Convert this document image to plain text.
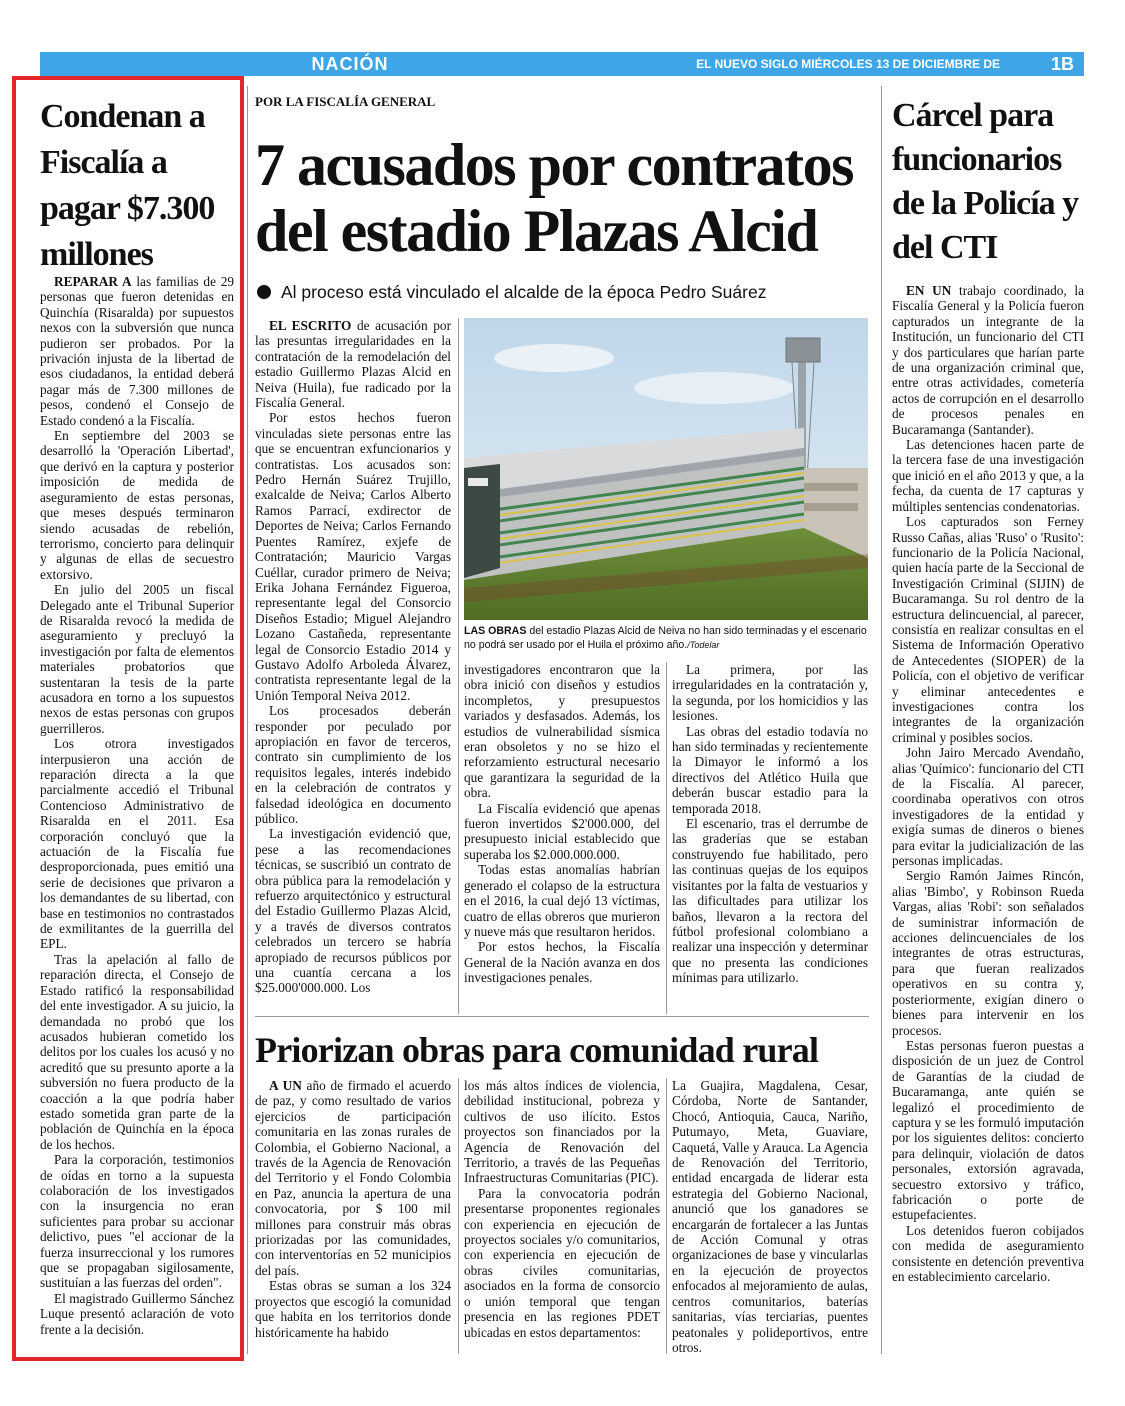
NACIÓN	EL NUEVO SIGLO MIÉRCOLES 13 DE DICIEMBRE DE 2017
1B
Condenan a Fiscalía a pagar $7.300 millones

REPARAR A las familias de 29 personas que fueron detenidas en Quinchía (Risaralda) por supuestos nexos con la subversión que nunca pudieron ser probados. Por la privación injusta de la libertad de esos ciudadanos, la entidad deberá pagar más de 7.300 millones de pesos, condenó el Consejo de Estado condenó a la Fiscalía.

En septiembre del 2003 se desarrolló la 'Operación Libertad', que derivó en la captura y posterior imposición de medida de aseguramiento de estas personas, que meses después terminaron siendo acusadas de rebelión, terrorismo, concierto para delinquir y algunas de ellas de secuestro extorsivo.

En julio del 2005 un fiscal Delegado ante el Tribunal Superior de Risaralda revocó la medida de aseguramiento y precluyó la investigación por falta de elementos materiales probatorios que sustentaran la tesis de la parte acusadora en torno a los supuestos nexos de estas personas con grupos guerrilleros.

Los otrora investigados interpusieron una acción de reparación directa a la que parcialmente accedió el Tribunal Contencioso Administrativo de Risaralda en el 2011. Esa corporación concluyó que la actuación de la Fiscalía fue desproporcionada, pues emitió una serie de decisiones que privaron a los demandantes de su libertad, con base en testimonios no contrastados de exmilitantes de la guerrilla del EPL.

Tras la apelación al fallo de reparación directa, el Consejo de Estado ratificó la responsabilidad del ente investigador. A su juicio, la demandada no probó que los acusados hubieran cometido los delitos por los cuales los acusó y no acreditó que su presunto aporte a la subversión no fuera producto de la coacción a la que podría haber estado sometida gran parte de la población de Quinchía en la época de los hechos.

Para la corporación, testimonios de oídas en torno a la supuesta colaboración de los investigados con la insurgencia no eran suficientes para probar su accionar delictivo, pues "el accionar de la fuerza insurreccional y los rumores que se propagaban sigilosamente, sustituían a las fuerzas del orden".

El magistrado Guillermo Sánchez Luque presentó aclaración de voto frente a la decisión.

POR LA FISCALÍA GENERAL
7 acusados por contratos del estadio Plazas Alcid
Al proceso está vinculado el alcalde de la época Pedro Suárez

EL ESCRITO de acusación por las presuntas irregularidades en la contratación de la remodelación del estadio Guillermo Plazas Alcid en Neiva (Huila), fue radicado por la Fiscalía General.

Por estos hechos fueron vinculadas siete personas entre las que se encuentran exfuncionarios y contratistas. Los acusados son: Pedro Hernán Suárez Trujillo, exalcalde de Neiva; Carlos Alberto Ramos Parrací, exdirector de Deportes de Neiva; Carlos Fernando Puentes Ramírez, exjefe de Contratación; Mauricio Vargas Cuéllar, curador primero de Neiva; Erika Johana Fernández Figueroa, representante legal del Consorcio Diseños Estadio; Miguel Alejandro Lozano Castañeda, representante legal de Consorcio Estadio 2014 y Gustavo Adolfo Arboleda Álvarez, contratista representante legal de la Unión Temporal Neiva 2012.

Los procesados deberán responder por peculado por apropiación en favor de terceros, contrato sin cumplimiento de los requisitos legales, interés indebido en la celebración de contratos y falsedad ideológica en documento público.

La investigación evidenció que, pese a las recomendaciones técnicas, se suscribió un contrato de obra pública para la remodelación y refuerzo arquitectónico y estructural del Estadio Guillermo Plazas Alcid, y a través de diversos contratos celebrados un tercero se habría apropiado de recursos públicos por una cuantía cercana a los $25.000'000.000. Los

LAS OBRAS del estadio Plazas Alcid de Neiva no han sido terminadas y el escenario no podrá ser usado por el Huila el próximo año./Todelar

investigadores encontraron que la obra inició con diseños y estudios incompletos, y presupuestos variados y desfasados. Además, los estudios de vulnerabilidad sísmica eran obsoletos y no se hizo el reforzamiento estructural necesario que garantizara la seguridad de la obra.

La Fiscalía evidenció que apenas fueron invertidos $2'000.000, del presupuesto inicial establecido que superaba los $2.000.000.000.

Todas estas anomalías habrían generado el colapso de la estructura en el 2016, la cual dejó 13 víctimas, cuatro de ellas obreros que murieron y nueve más que resultaron heridos.

Por estos hechos, la Fiscalía General de la Nación avanza en dos investigaciones penales.

La primera, por las irregularidades en la contratación y, la segunda, por los homicidios y las lesiones.

Las obras del estadio todavía no han sido terminadas y recientemente la Dimayor le informó a los directivos del Atlético Huila que deberán buscar estadio para la temporada 2018.

El escenario, tras el derrumbe de las graderías que se estaban construyendo fue habilitado, pero las continuas quejas de los equipos visitantes por la falta de vestuarios y las dificultades para utilizar los baños, llevaron a la rectora del fútbol profesional colombiano a realizar una inspección y determinar que no presenta las condiciones mínimas para utilizarlo.

Priorizan obras para comunidad rural

A UN año de firmado el acuerdo de paz, y como resultado de varios ejercicios de participación comunitaria en las zonas rurales de Colombia, el Gobierno Nacional, a través de la Agencia de Renovación del Territorio y el Fondo Colombia en Paz, anuncia la apertura de una convocatoria, por $ 100 mil millones para construir más obras priorizadas por las comunidades, con interventorías en 52 municipios del país.

Estas obras se suman a los 324 proyectos que escogió la comunidad que habita en los territorios donde históricamente ha habido

los más altos índices de violencia, debilidad institucional, pobreza y cultivos de uso ilícito. Estos proyectos son financiados por la Agencia de Renovación del Territorio, a través de las Pequeñas Infraestructuras Comunitarias (PIC).

Para la convocatoria podrán presentarse proponentes regionales con experiencia en ejecución de proyectos sociales y/o comunitarios, con experiencia en ejecución de obras civiles comunitarias, asociados en la forma de consorcio o unión temporal que tengan presencia en las regiones PDET ubicadas en estos departamentos:

La Guajira, Magdalena, Cesar, Córdoba, Norte de Santander, Chocó, Antioquia, Cauca, Nariño, Putumayo, Meta, Guaviare, Caquetá, Valle y Arauca. La Agencia de Renovación del Territorio, entidad encargada de liderar esta estrategia del Gobierno Nacional, anunció que los ganadores se encargarán de fortalecer a las Juntas de Acción Comunal y otras organizaciones de base y vincularlas en la ejecución de proyectos enfocados al mejoramiento de aulas, centros comunitarios, baterías sanitarias, vías terciarias, puentes peatonales y polideportivos, entre otros.

Cárcel para funcionarios de la Policía y del CTI

EN UN trabajo coordinado, la Fiscalía General y la Policía fueron capturados un integrante de la Institución, un funcionario del CTI y dos particulares que harían parte de una organización criminal que, entre otras actividades, cometería actos de corrupción en el desarrollo de procesos penales en Bucaramanga (Santander).

Las detenciones hacen parte de la tercera fase de una investigación que inició en el año 2013 y que, a la fecha, da cuenta de 17 capturas y múltiples sentencias condenatorias.

Los capturados son Ferney Russo Cañas, alias 'Ruso' o 'Rusito': funcionario de la Policía Nacional, quien hacía parte de la Seccional de Investigación Criminal (SIJIN) de Bucaramanga. Su rol dentro de la estructura delincuencial, al parecer, consistía en realizar consultas en el Sistema de Información Operativo de Antecedentes (SIOPER) de la Policía, con el objetivo de verificar y eliminar antecedentes e investigaciones contra los integrantes de la organización criminal y posibles socios.

John Jairo Mercado Avendaño, alias 'Químico': funcionario del CTI de la Fiscalía. Al parecer, coordinaba operativos con otros investigadores de la entidad y exigía sumas de dineros o bienes para evitar la judicialización de las personas implicadas.

Sergio Ramón Jaimes Rincón, alias 'Bimbo', y Robinson Rueda Vargas, alias 'Robi': son señalados de suministrar información de acciones delincuenciales de los integrantes de otras estructuras, para que fueran realizados operativos en su contra y, posteriormente, exigían dinero o bienes para intervenir en los procesos.

Estas personas fueron puestas a disposición de un juez de Control de Garantías de la ciudad de Bucaramanga, ante quién se legalizó el procedimiento de captura y se les formuló imputación por los siguientes delitos: concierto para delinquir, violación de datos personales, extorsión agravada, secuestro extorsivo y tráfico, fabricación o porte de estupefacientes.

Los detenidos fueron cobijados con medida de aseguramiento consistente en detención preventiva en establecimiento carcelario.
